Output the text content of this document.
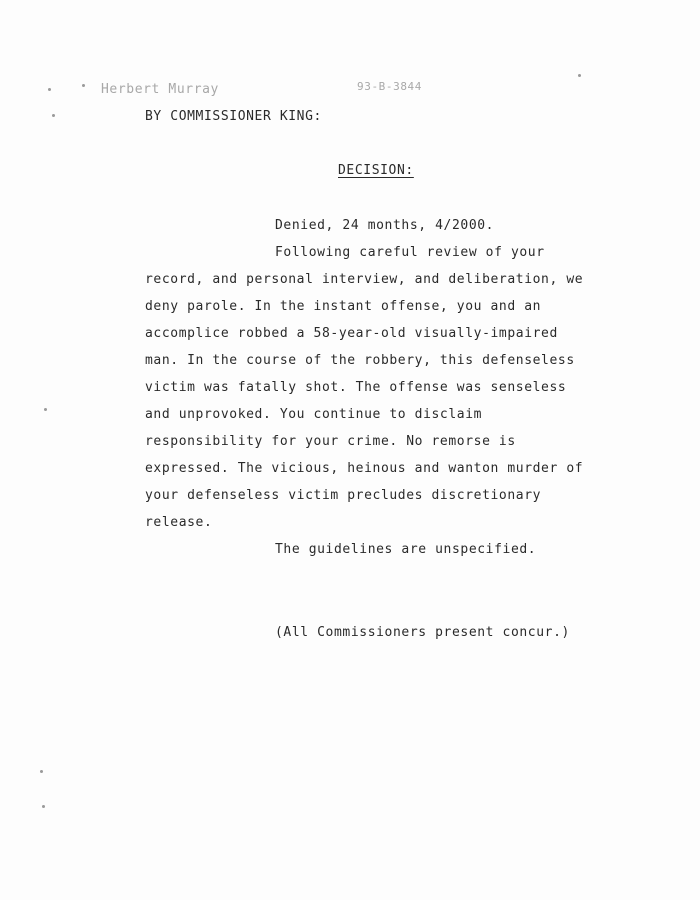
Herbert Murray	93-B-3844
BY COMMISSIONER KING:
DECISION:
Denied, 24 months, 4/2000.
Following careful review of your
record, and personal interview, and deliberation, we
deny parole. In the instant offense, you and an
accomplice robbed a 58-year-old visually-impaired
man. In the course of the robbery, this defenseless
victim was fatally shot. The offense was senseless
and unprovoked. You continue to disclaim
responsibility for your crime. No remorse is
expressed. The vicious, heinous and wanton murder of
your defenseless victim precludes discretionary
release.
The guidelines are unspecified.
(All Commissioners present concur.)
